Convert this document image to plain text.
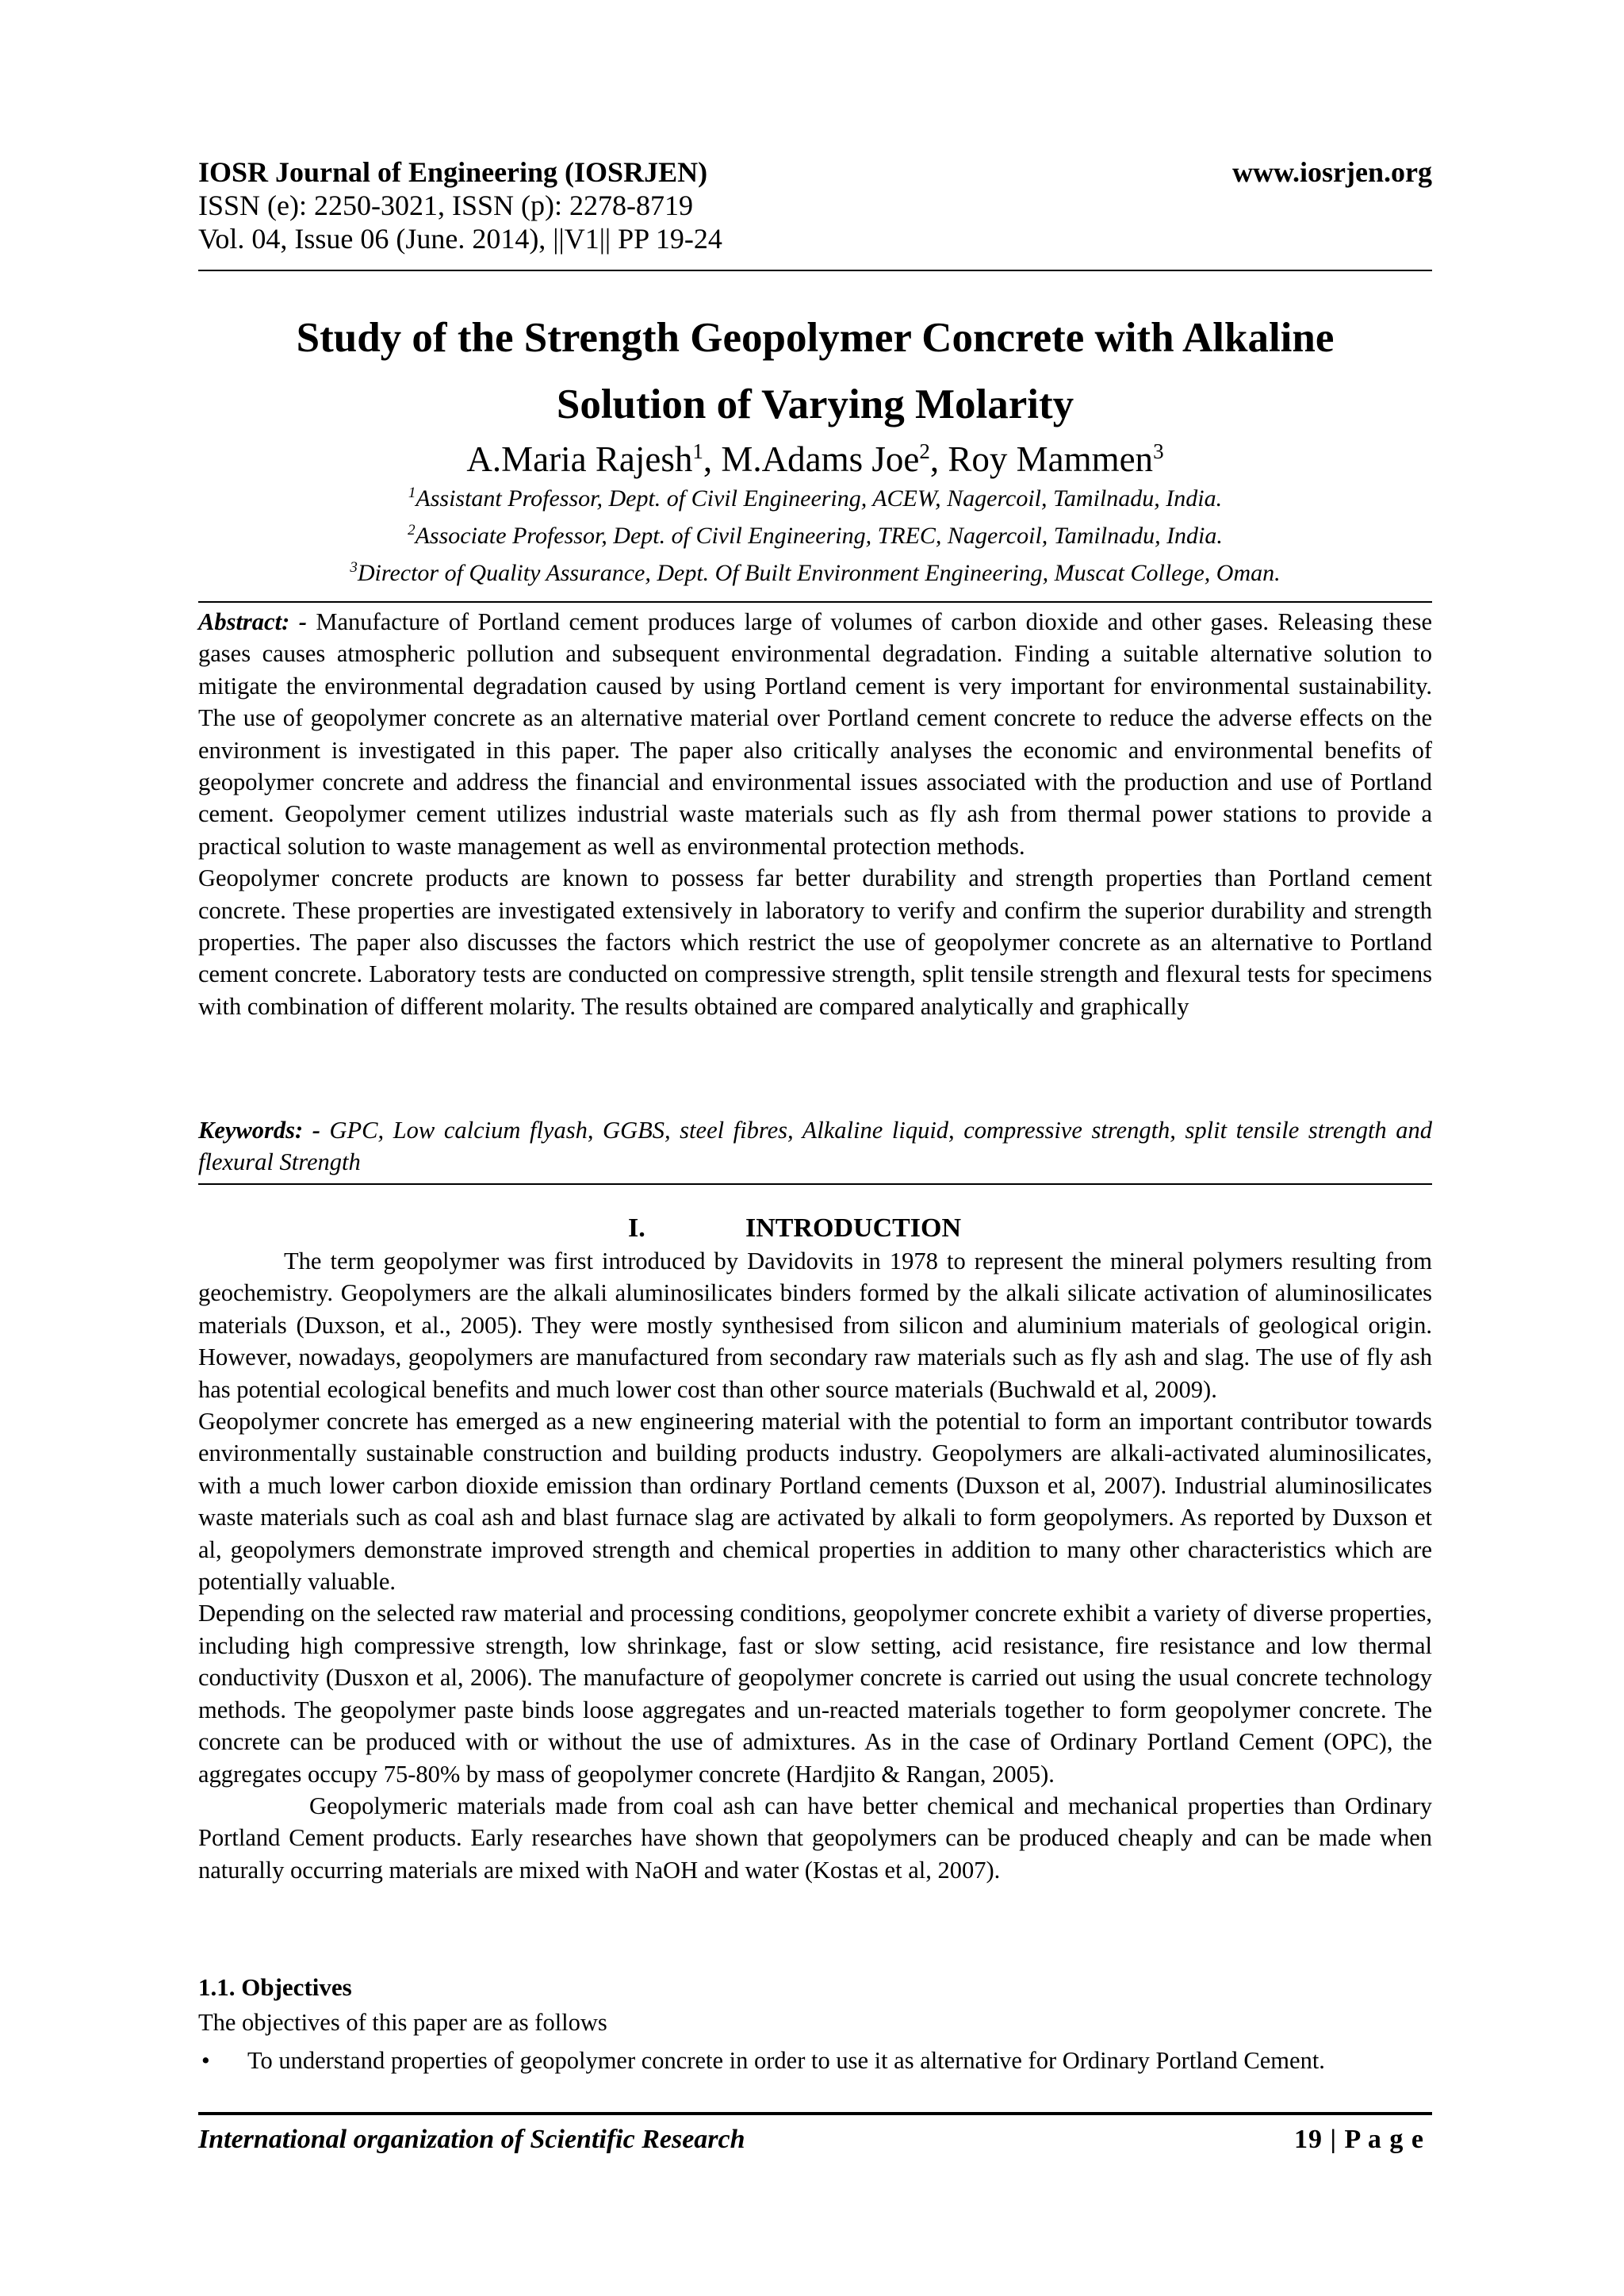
IOSR Journal of Engineering (IOSRJEN)	www.iosrjen.org
ISSN (e): 2250-3021, ISSN (p): 2278-8719
Vol. 04, Issue 06 (June. 2014), ||V1|| PP 19-24
Study of the Strength Geopolymer Concrete with Alkaline
Solution of Varying Molarity
A.Maria Rajesh$^1$, M.Adams Joe$^2$, Roy Mammen$^3$
$^1$Assistant Professor, Dept. of Civil Engineering, ACEW, Nagercoil, Tamilnadu, India.
$^2$Associate Professor, Dept. of Civil Engineering, TREC, Nagercoil, Tamilnadu, India.
$^3$Director of Quality Assurance, Dept. Of Built Environment Engineering, Muscat College, Oman.

Abstract: - Manufacture of Portland cement produces large of volumes of carbon dioxide and other gases. Releasing these gases causes atmospheric pollution and subsequent environmental degradation. Finding a suitable alternative solution to mitigate the environmental degradation caused by using Portland cement is very important for environmental sustainability. The use of geopolymer concrete as an alternative material over Portland cement concrete to reduce the adverse effects on the environment is investigated in this paper. The paper also critically analyses the economic and environmental benefits of geopolymer concrete and address the financial and environmental issues associated with the production and use of Portland cement. Geopolymer cement utilizes industrial waste materials such as fly ash from thermal power stations to provide a practical solution to waste management as well as environmental protection methods.

Geopolymer concrete products are known to possess far better durability and strength properties than Portland cement concrete. These properties are investigated extensively in laboratory to verify and confirm the superior durability and strength properties. The paper also discusses the factors which restrict the use of geopolymer concrete as an alternative to Portland cement concrete. Laboratory tests are conducted on compressive strength, split tensile strength and flexural tests for specimens with combination of different molarity. The results obtained are compared analytically and graphically

Keywords: - GPC, Low calcium flyash, GGBS, steel fibres, Alkaline liquid, compressive strength, split tensile strength and flexural Strength

I.	INTRODUCTION

The term geopolymer was first introduced by Davidovits in 1978 to represent the mineral polymers resulting from geochemistry. Geopolymers are the alkali aluminosilicates binders formed by the alkali silicate activation of aluminosilicates materials (Duxson, et al., 2005). They were mostly synthesised from silicon and aluminium materials of geological origin. However, nowadays, geopolymers are manufactured from secondary raw materials such as fly ash and slag. The use of fly ash has potential ecological benefits and much lower cost than other source materials (Buchwald et al, 2009).

Geopolymer concrete has emerged as a new engineering material with the potential to form an important contributor towards environmentally sustainable construction and building products industry. Geopolymers are alkali-activated aluminosilicates, with a much lower carbon dioxide emission than ordinary Portland cements (Duxson et al, 2007). Industrial aluminosilicates waste materials such as coal ash and blast furnace slag are activated by alkali to form geopolymers. As reported by Duxson et al, geopolymers demonstrate improved strength and chemical properties in addition to many other characteristics which are potentially valuable.

Depending on the selected raw material and processing conditions, geopolymer concrete exhibit a variety of diverse properties, including high compressive strength, low shrinkage, fast or slow setting, acid resistance, fire resistance and low thermal conductivity (Dusxon et al, 2006). The manufacture of geopolymer concrete is carried out using the usual concrete technology methods. The geopolymer paste binds loose aggregates and un-reacted materials together to form geopolymer concrete. The concrete can be produced with or without the use of admixtures. As in the case of Ordinary Portland Cement (OPC), the aggregates occupy 75-80% by mass of geopolymer concrete (Hardjito & Rangan, 2005).

Geopolymeric materials made from coal ash can have better chemical and mechanical properties than Ordinary Portland Cement products. Early researches have shown that geopolymers can be produced cheaply and can be made when naturally occurring materials are mixed with NaOH and water (Kostas et al, 2007).

1.1. Objectives

The objectives of this paper are as follows

• To understand properties of geopolymer concrete in order to use it as alternative for Ordinary Portland Cement.
International organization of Scientific Research	19 | P a g e
